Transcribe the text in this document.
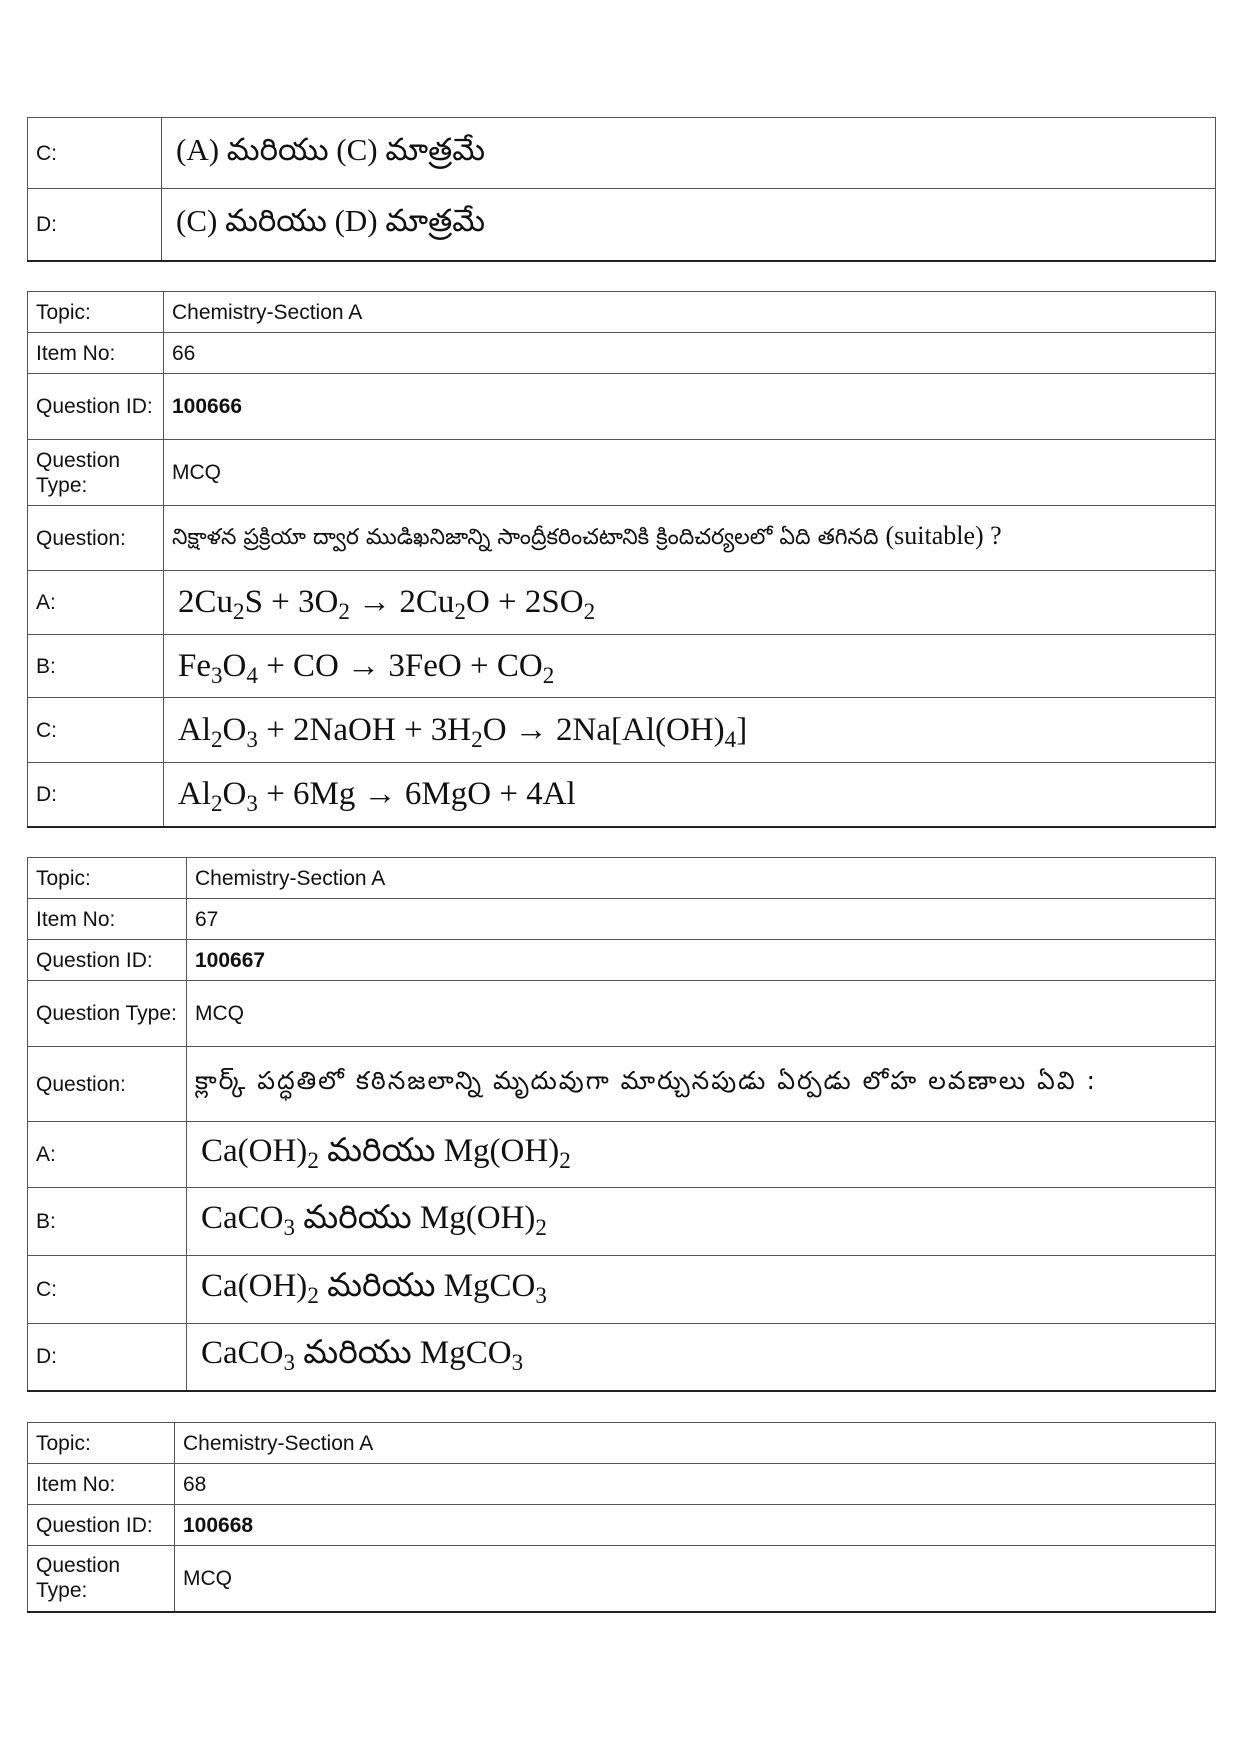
C:	(A) మరియు (C) మాత్రమే
D:	(C) మరియు (D) మాత్రమే
Topic:	Chemistry-Section A
Item No:	66
Question ID:	100666
Question Type:	MCQ
Question:	నిక్షాళన ప్రక్రియా ద్వార ముడిఖనిజాన్ని సాంద్రీకరించటానికి క్రిందిచర్యలలో ఏది తగినది (suitable) ?
A:	$2Cu_2S + 3O_2 \to 2Cu_2O + 2SO_2$
B:	$Fe_3O_4$ + CO → $3FeO + CO_2$
C:	$Al_2O_3$ + 2NaOH + $3H_2O \to 2Na[Al(OH)_4]$
D:	$Al_2O_3 + 6Mg \to 6MgO + 4Al$
Topic:	Chemistry-Section A
Item No:	67
Question ID:	100667
Question Type:	MCQ
Question:	క్లార్క్ పద్ధతిలో కఠినజలాన్ని మృదువుగా మార్చునపుడు ఏర్పడు లోహ లవణాలు ఏవి :
A:	$Ca(OH)_2$ మరియు $Mg(OH)_2$
B:	CaCO$_3$ మరియు $Mg(OH)_2$
C:	$Ca(OH)_2$ మరియు MgCO$_3$
D:	CaCO$_3$ మరియు MgCO$_3$
Topic:	Chemistry-Section A
Item No:	68
Question ID:	100668
Question Type:	MCQ
